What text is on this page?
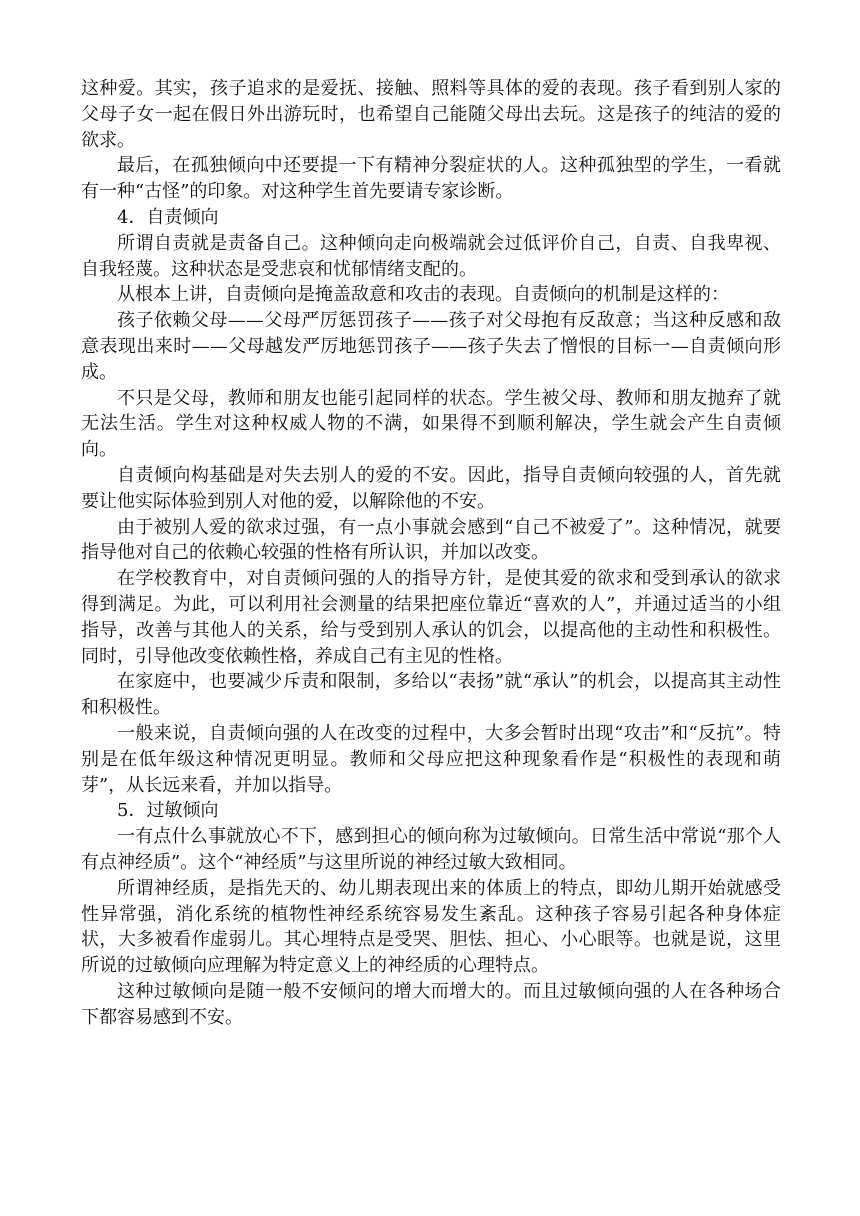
这种爱。其实，孩子追求的是爱抚、接触、照料等具体的爱的表现。孩子看到别人家的父母子女一起在假日外出游玩时，也希望自己能随父母出去玩。这是孩子的纯洁的爱的欲求。

最后，在孤独倾向中还要提一下有精神分裂症状的人。这种孤独型的学生，一看就有一种“古怪”的印象。对这种学生首先要请专家诊断。

4．自责倾向

所谓自责就是责备自己。这种倾向走向极端就会过低评价自己，自责、自我卑视、自我轻蔑。这种状态是受悲哀和忧郁情绪支配的。

从根本上讲，自责倾向是掩盖敌意和攻击的表现。自责倾向的机制是这样的：

孩子依赖父母——父母严厉惩罚孩子——孩子对父母抱有反敌意；当这种反感和敌意表现出来时——父母越发严厉地惩罚孩子——孩子失去了憎恨的目标一—自责倾向形成。

不只是父母，教师和朋友也能引起同样的状态。学生被父母、教师和朋友抛弃了就无法生活。学生对这种权威人物的不满，如果得不到顺利解决，学生就会产生自责倾向。

自责倾向构基础是对失去别人的爱的不安。因此，指导自责倾向较强的人，首先就要让他实际体验到别人对他的爱，以解除他的不安。

由于被别人爱的欲求过强，有一点小事就会感到“自己不被爱了”。这种情况，就要指导他对自己的依赖心较强的性格有所认识，并加以改变。

在学校教育中，对自责倾问强的人的指导方针，是使其爱的欲求和受到承认的欲求得到满足。为此，可以利用社会测量的结果把座位靠近“喜欢的人”，并通过适当的小组指导，改善与其他人的关系，给与受到别人承认的饥会，以提高他的主动性和积极性。同时，引导他改变依赖性格，养成自己有主见的性格。

在家庭中，也要减少斥责和限制，多给以“表扬”就“承认”的机会，以提高其主动性和积极性。

一般来说，自责倾向强的人在改变的过程中，大多会暂时出现“攻击”和“反抗”。特别是在低年级这种情况更明显。教师和父母应把这种现象看作是“积极性的表现和萌芽”，从长远来看，并加以指导。

5．过敏倾向

一有点什么事就放心不下，感到担心的倾向称为过敏倾向。日常生活中常说“那个人有点神经质”。这个“神经质”与这里所说的神经过敏大致相同。

所谓神经质，是指先天的、幼儿期表现出来的体质上的特点，即幼儿期开始就感受性异常强，消化系统的植物性神经系统容易发生紊乱。这种孩子容易引起各种身体症状，大多被看作虚弱儿。其心埋特点是受哭、胆怯、担心、小心眼等。也就是说，这里所说的过敏倾向应理解为特定意义上的神经质的心理特点。

这种过敏倾向是随一般不安倾问的增大而增大的。而且过敏倾向强的人在各种场合下都容易感到不安。
